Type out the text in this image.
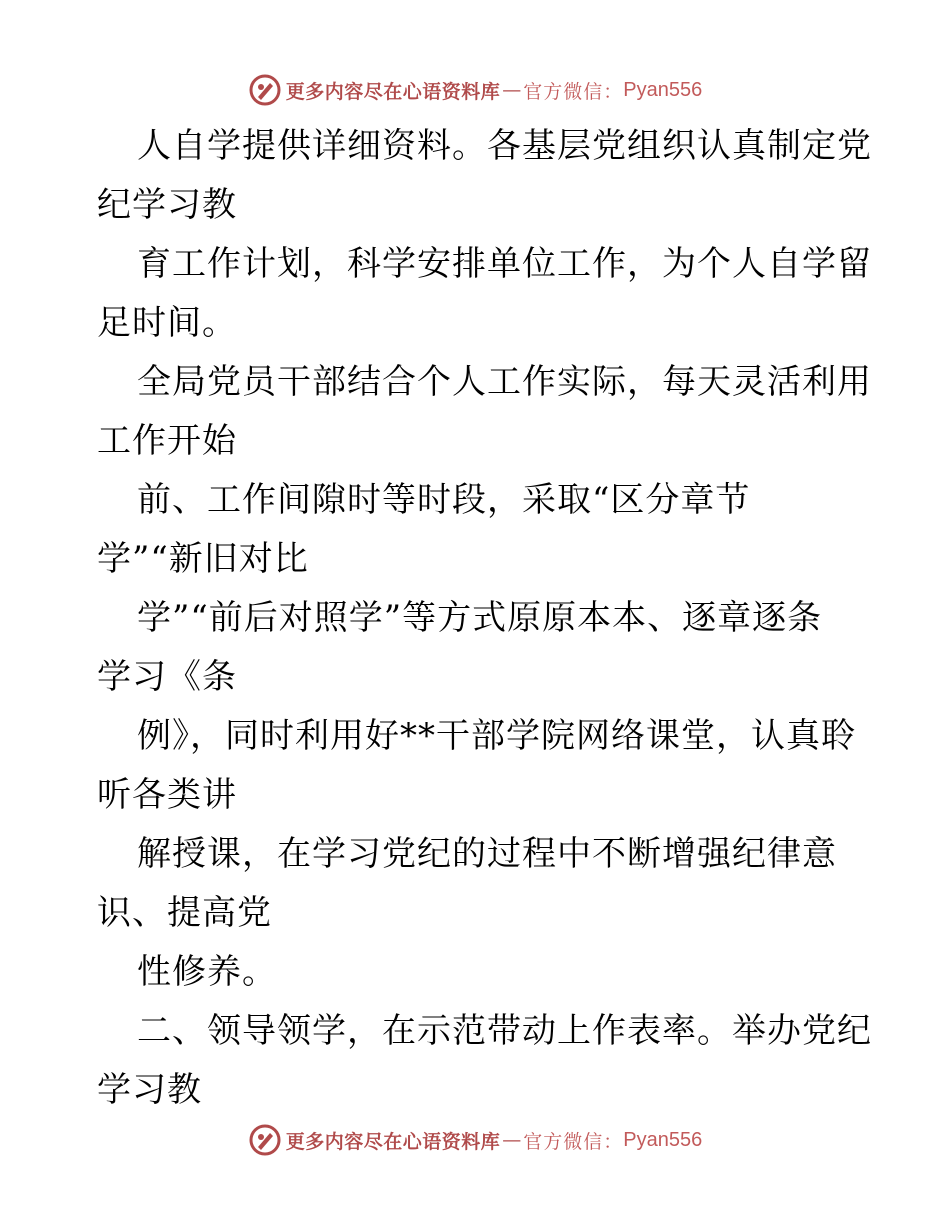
更多内容尽在心语资料库 — 官方微信： Pyan556
人自学提供详细资料。各基层党组织认真制定党
纪学习教
育工作计划，科学安排单位工作，为个人自学留
足时间。
全局党员干部结合个人工作实际，每天灵活利用
工作开始
前、工作间隙时等时段，采取“区分章节
学”“新旧对比
学”“前后对照学”等方式原原本本、逐章逐条
学习《条
例》，同时利用好**干部学院网络课堂，认真聆
听各类讲
解授课，在学习党纪的过程中不断增强纪律意
识、提高党
性修养。
二、领导领学，在示范带动上作表率。举办党纪
学习教
更多内容尽在心语资料库 — 官方微信： Pyan556
